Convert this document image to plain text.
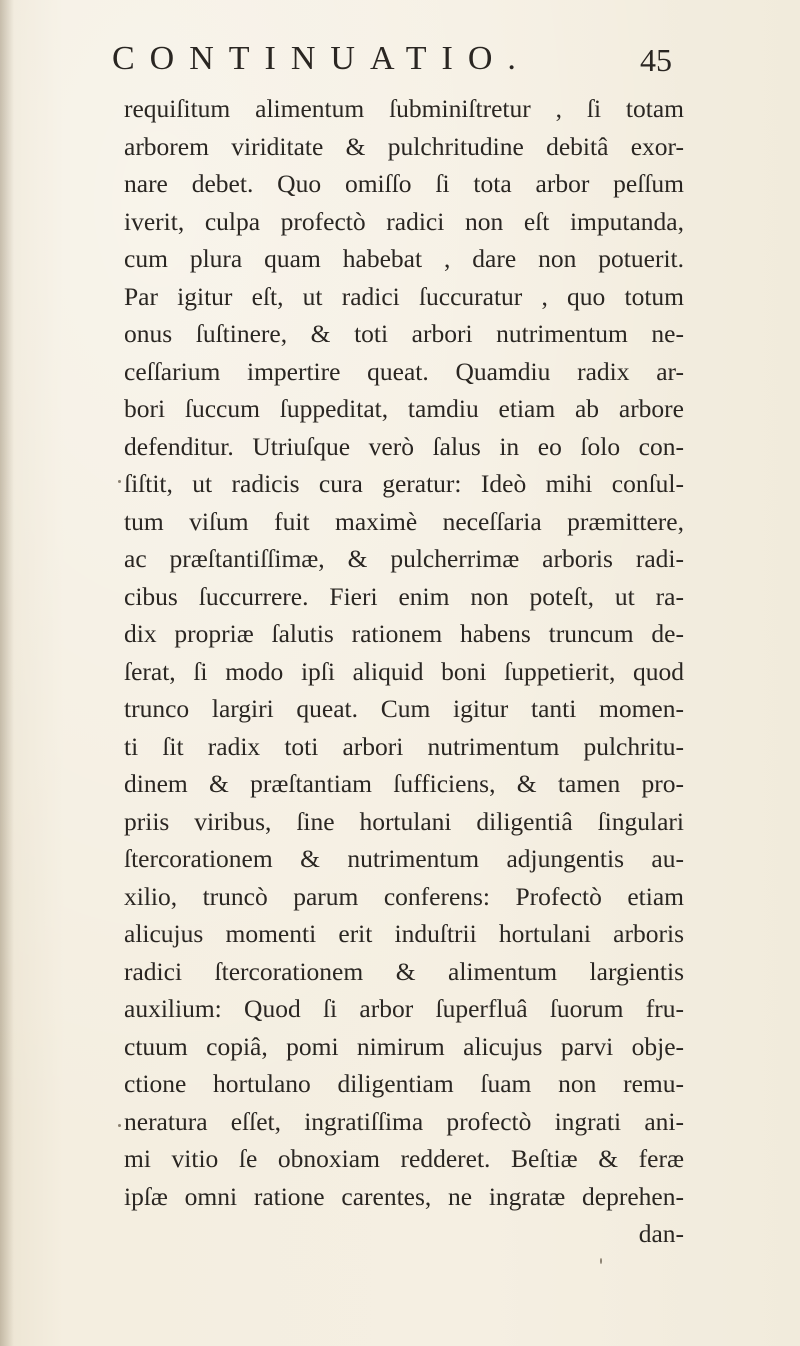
CONTINUATIO.	45
requiſitum alimentum ſubminiſtretur , ſi totam
arborem viriditate & pulchritudine debitâ exor-
nare debet. Quo omiſſo ſi tota arbor peſſum
iverit, culpa profectò radici non eſt imputanda,
cum plura quam habebat , dare non potuerit.
Par igitur eſt, ut radici ſuccuratur , quo totum
onus ſuſtinere, & toti arbori nutrimentum ne-
ceſſarium impertire queat. Quamdiu radix ar-
bori ſuccum ſuppeditat, tamdiu etiam ab arbore
defenditur. Utriuſque verò ſalus in eo ſolo con-
ſiſtit, ut radicis cura geratur: Ideò mihi conſul-
tum viſum fuit maximè neceſſaria præmittere,
ac præſtantiſſimæ, & pulcherrimæ arboris radi-
cibus ſuccurrere. Fieri enim non poteſt, ut ra-
dix propriæ ſalutis rationem habens truncum de-
ſerat, ſi modo ipſi aliquid boni ſuppetierit, quod
trunco largiri queat. Cum igitur tanti momen-
ti ſit radix toti arbori nutrimentum pulchritu-
dinem & præſtantiam ſufficiens, & tamen pro-
priis viribus, ſine hortulani diligentiâ ſingulari
ſtercorationem & nutrimentum adjungentis au-
xilio, truncò parum conferens: Profectò etiam
alicujus momenti erit induſtrii hortulani arboris
radici ſtercorationem & alimentum largientis
auxilium: Quod ſi arbor ſuperfluâ ſuorum fru-
ctuum copiâ, pomi nimirum alicujus parvi obje-
ctione hortulano diligentiam ſuam non remu-
neratura eſſet, ingratiſſima profectò ingrati ani-
mi vitio ſe obnoxiam redderet. Beſtiæ & feræ
ipſæ omni ratione carentes, ne ingratæ deprehen-
dan-
